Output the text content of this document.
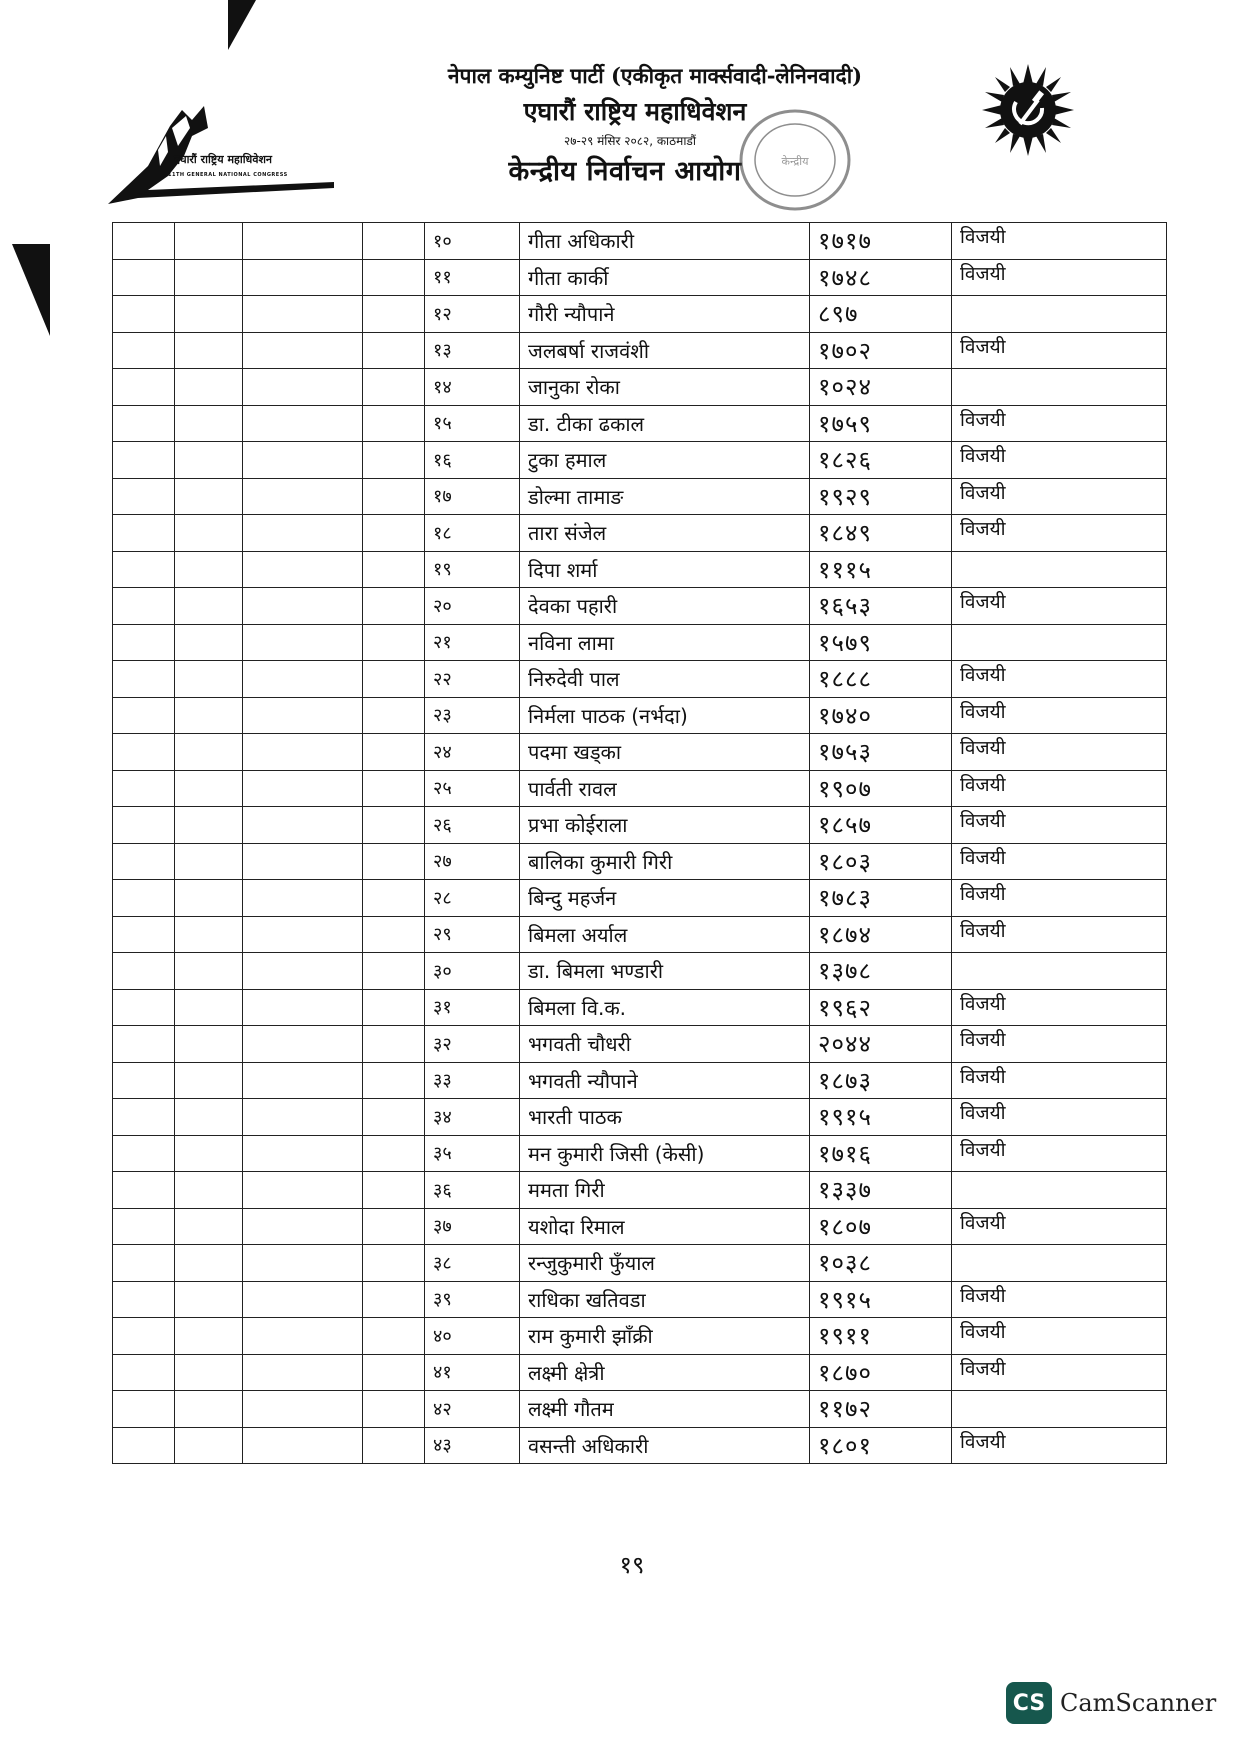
एघारौं राष्ट्रिय महाधिवेशन
11TH GENERAL NATIONAL CONGRESS
नेपाल कम्युनिष्ट पार्टी (एकीकृत मार्क्सवादी-लेनिनवादी)
एघारौं राष्ट्रिय महाधिवेशन
२७-२९ मंसिर २०८२, काठमाडौं
केन्द्रीय निर्वाचन आयोग	केन्द्रीय
				१०	गीता अधिकारी	१७१७	विजयी
				११	गीता कार्की	१७४८	विजयी
				१२	गौरी न्यौपाने	८९७	
				१३	जलबर्षा राजवंशी	१७०२	विजयी
				१४	जानुका रोका	१०२४	
				१५	डा. टीका ढकाल	१७५९	विजयी
				१६	टुका हमाल	१८२६	विजयी
				१७	डोल्मा तामाङ	१९२९	विजयी
				१८	तारा संजेल	१८४९	विजयी
				१९	दिपा शर्मा	१११५	
				२०	देवका पहारी	१६५३	विजयी
				२१	नविना लामा	१५७९	
				२२	निरुदेवी पाल	१८८८	विजयी
				२३	निर्मला पाठक (नर्भदा)	१७४०	विजयी
				२४	पदमा खड्का	१७५३	विजयी
				२५	पार्वती रावल	१९०७	विजयी
				२६	प्रभा कोईराला	१८५७	विजयी
				२७	बालिका कुमारी गिरी	१८०३	विजयी
				२८	बिन्दु महर्जन	१७८३	विजयी
				२९	बिमला अर्याल	१८७४	विजयी
				३०	डा. बिमला भण्डारी	१३७८	
				३१	बिमला वि.क.	१९६२	विजयी
				३२	भगवती चौधरी	२०४४	विजयी
				३३	भगवती न्यौपाने	१८७३	विजयी
				३४	भारती पाठक	१९१५	विजयी
				३५	मन कुमारी जिसी (केसी)	१७१६	विजयी
				३६	ममता गिरी	१३३७	
				३७	यशोदा रिमाल	१८०७	विजयी
				३८	रन्जुकुमारी फुँयाल	१०३८	
				३९	राधिका खतिवडा	१९१५	विजयी
				४०	राम कुमारी झाँक्री	१९११	विजयी
				४१	लक्ष्मी क्षेत्री	१८७०	विजयी
				४२	लक्ष्मी गौतम	११७२	
				४३	वसन्ती अधिकारी	१८०१	विजयी
१९
CS CamScanner
